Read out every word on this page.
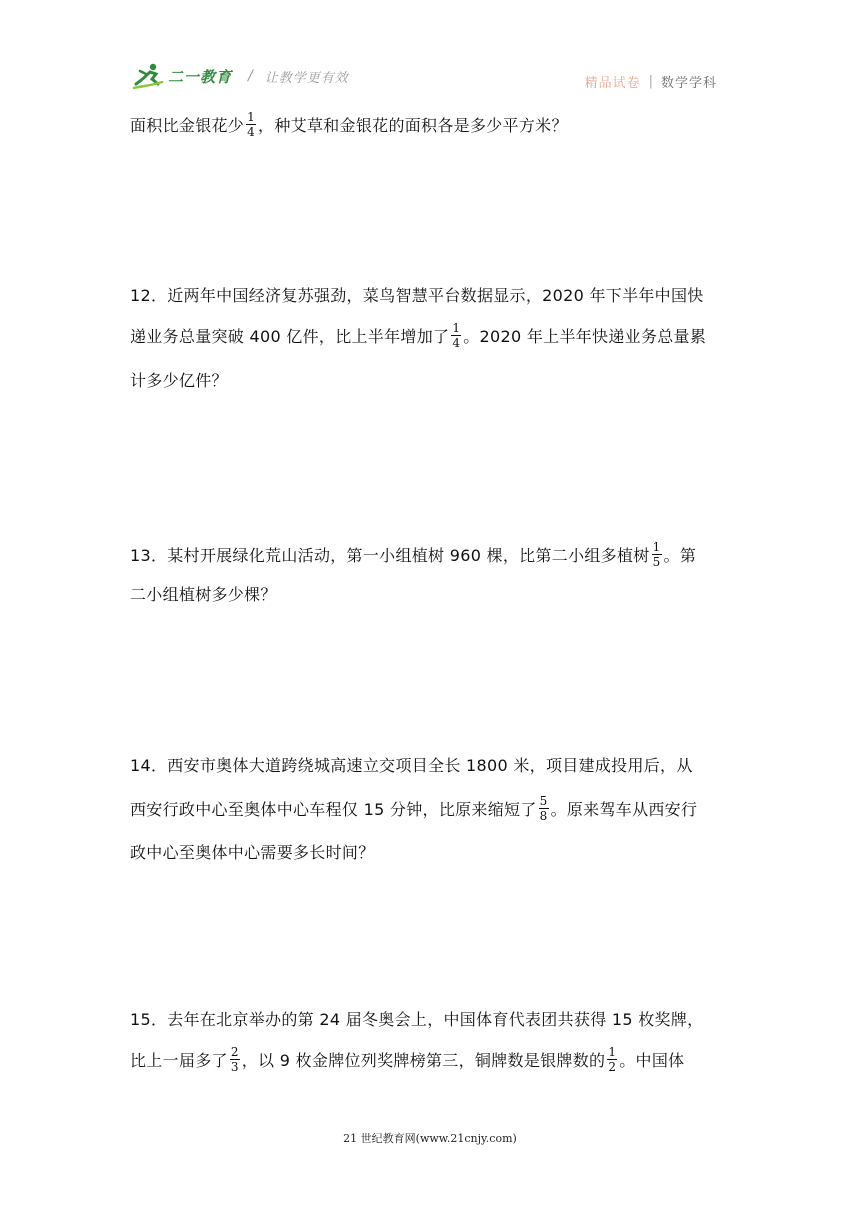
二一教育 / 让教学更有效	精品试卷 | 数学学科
面积比金银花少 $\frac{1}{4}$ ，种艾草和金银花的面积各是多少平方米？
12．近两年中国经济复苏强劲，菜鸟智慧平台数据显示，2020 年下半年中国快
递业务总量突破 400 亿件，比上半年增加了 $\frac{1}{4}$ 。2020 年上半年快递业务总量累
计多少亿件？
13．某村开展绿化荒山活动，第一小组植树 960 棵，比第二小组多植树 $\frac{1}{5}$ 。第
二小组植树多少棵？
14．西安市奥体大道跨绕城高速立交项目全长 1800 米，项目建成投用后，从
西安行政中心至奥体中心车程仅 15 分钟，比原来缩短了 $\frac{5}{8}$ 。原来驾车从西安行
政中心至奥体中心需要多长时间？
15．去年在北京举办的第 24 届冬奥会上，中国体育代表团共获得 15 枚奖牌，
比上一届多了 $\frac{2}{3}$ ，以 9 枚金牌位列奖牌榜第三，铜牌数是银牌数的 $\frac{1}{2}$ 。中国体
21 世纪教育网(www.21cnjy.com)
